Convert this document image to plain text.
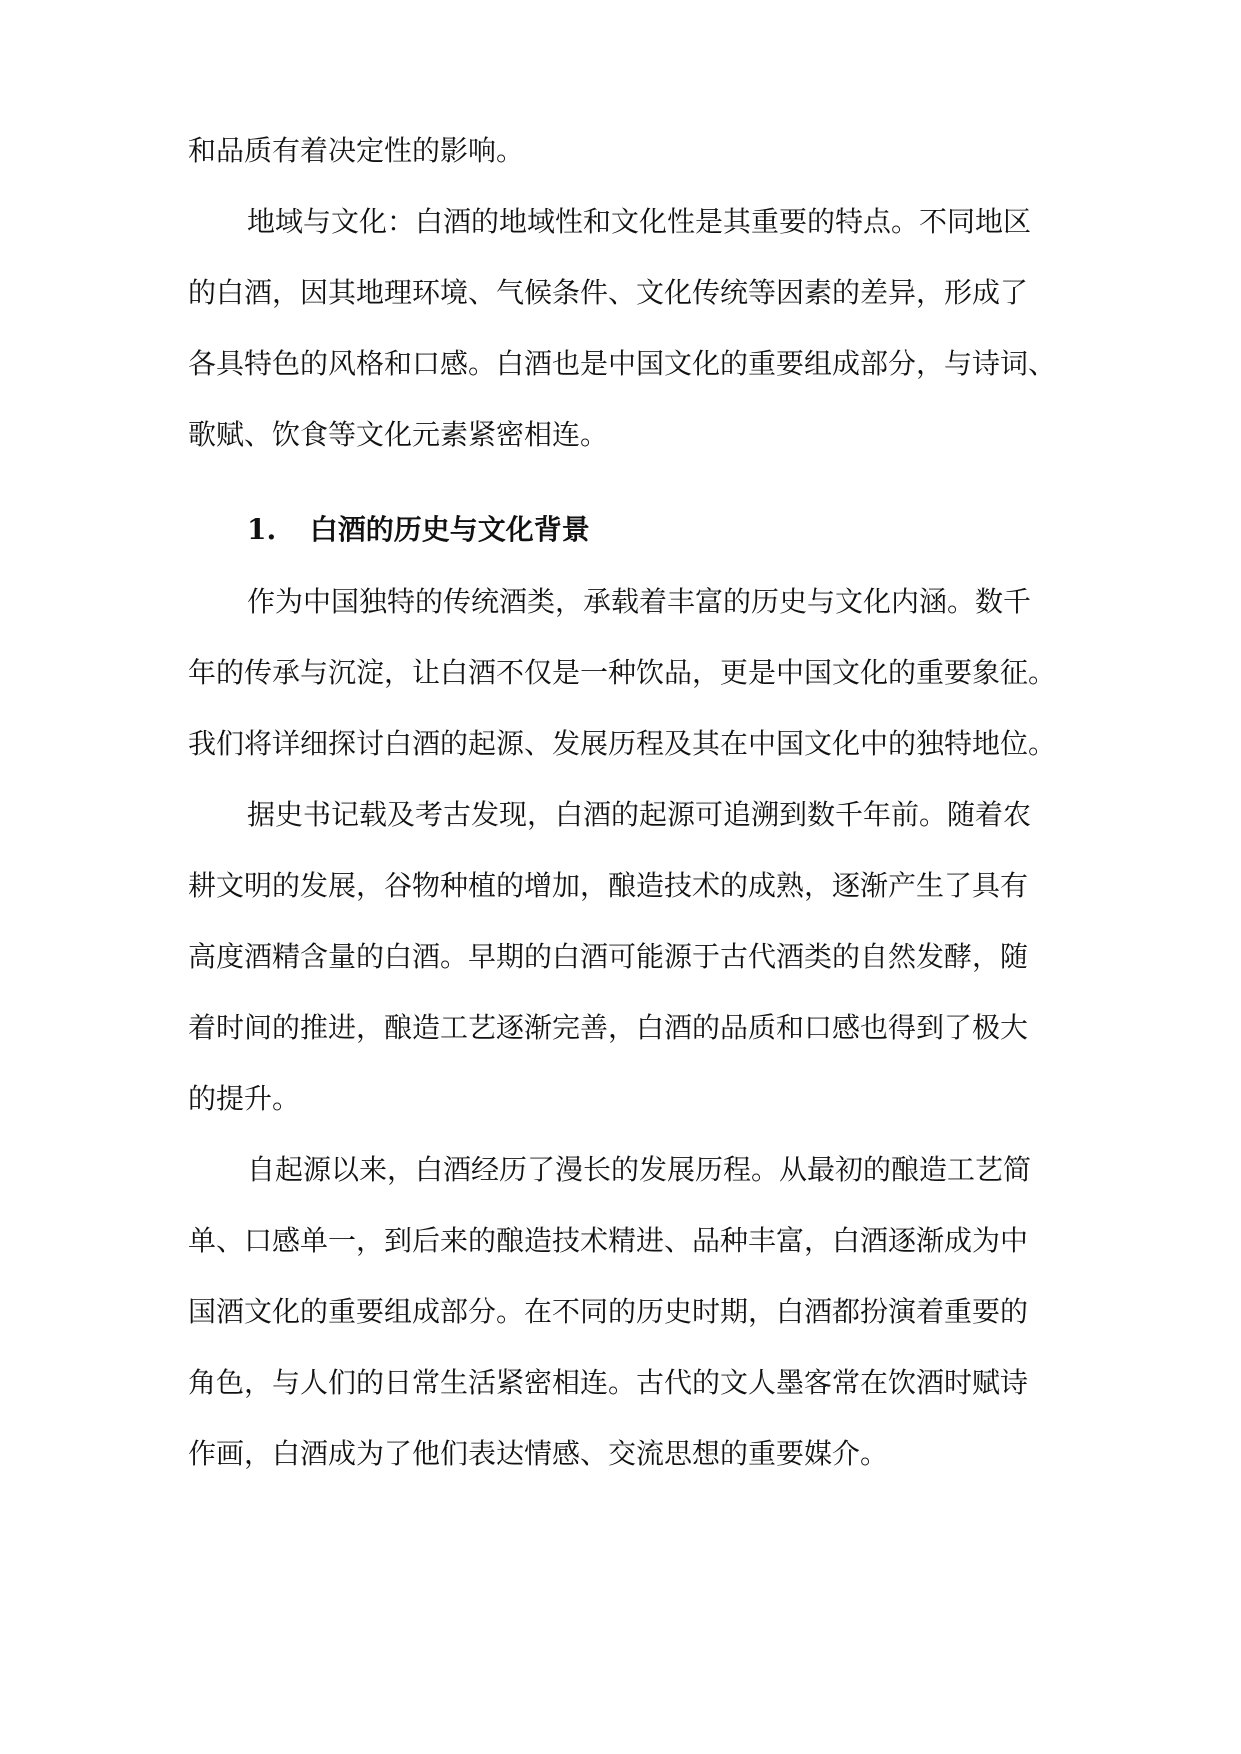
和品质有着决定性的影响。
地域与文化：白酒的地域性和文化性是其重要的特点。不同地区
的白酒，因其地理环境、气候条件、文化传统等因素的差异，形成了
各具特色的风格和口感。白酒也是中国文化的重要组成部分，与诗词、
歌赋、饮食等文化元素紧密相连。
1. 白酒的历史与文化背景
作为中国独特的传统酒类，承载着丰富的历史与文化内涵。数千
年的传承与沉淀，让白酒不仅是一种饮品，更是中国文化的重要象征。
我们将详细探讨白酒的起源、发展历程及其在中国文化中的独特地位。
据史书记载及考古发现，白酒的起源可追溯到数千年前。随着农
耕文明的发展，谷物种植的增加，酿造技术的成熟，逐渐产生了具有
高度酒精含量的白酒。早期的白酒可能源于古代酒类的自然发酵，随
着时间的推进，酿造工艺逐渐完善，白酒的品质和口感也得到了极大
的提升。
自起源以来，白酒经历了漫长的发展历程。从最初的酿造工艺简
单、口感单一，到后来的酿造技术精进、品种丰富，白酒逐渐成为中
国酒文化的重要组成部分。在不同的历史时期，白酒都扮演着重要的
角色，与人们的日常生活紧密相连。古代的文人墨客常在饮酒时赋诗
作画，白酒成为了他们表达情感、交流思想的重要媒介。
